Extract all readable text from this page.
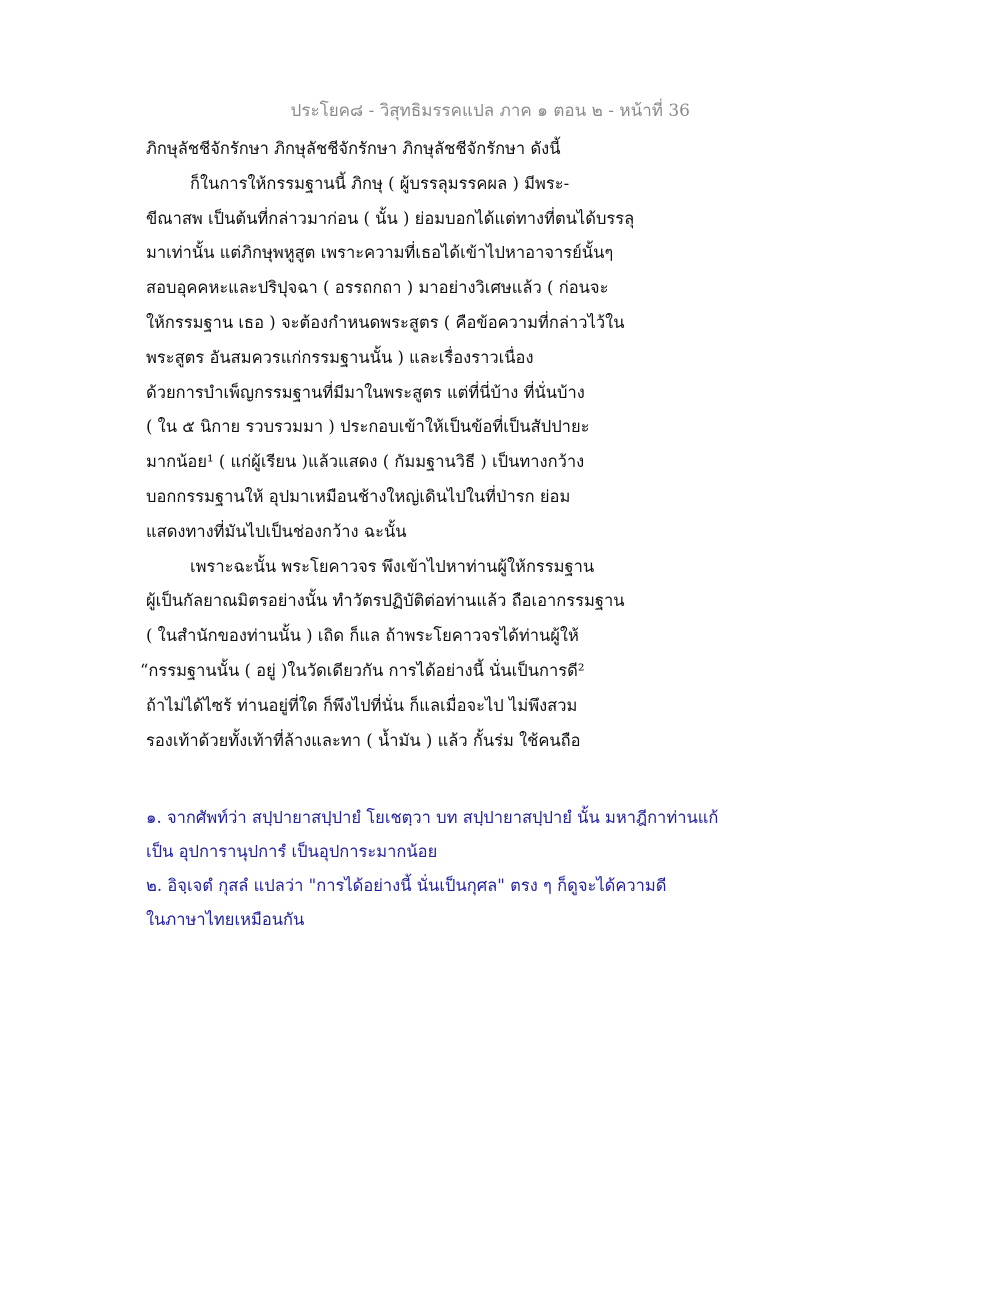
ประโยค๘ - วิสุทธิมรรคแปล ภาค ๑ ตอน ๒ - หน้าที่ 36
ภิกษุลัชชีจักรักษา ภิกษุลัชชีจักรักษา ภิกษุลัชชีจักรักษา ดังนี้
ก็ในการให้กรรมฐานนี้ ภิกษุ ( ผู้บรรลุมรรคผล ) มีพระ-
ขีณาสพ เป็นต้นที่กล่าวมาก่อน ( นั้น ) ย่อมบอกได้แต่ทางที่ตนได้บรรลุ
มาเท่านั้น แต่ภิกษุพหูสูต เพราะความที่เธอได้เข้าไปหาอาจารย์นั้นๆ
สอบอุคคหะและปริปุจฉา ( อรรถกถา ) มาอย่างวิเศษแล้ว ( ก่อนจะ
ให้กรรมฐาน เธอ ) จะต้องกำหนดพระสูตร ( คือข้อความที่กล่าวไว้ใน
พระสูตร อันสมควรแก่กรรมฐานนั้น ) และเรื่องราวเนื่อง
ด้วยการบำเพ็ญกรรมฐานที่มีมาในพระสูตร แต่ที่นี่บ้าง ที่นั่นบ้าง
( ใน ๕ นิกาย รวบรวมมา ) ประกอบเข้าให้เป็นข้อที่เป็นสัปปายะ
มากน้อย¹ ( แก่ผู้เรียน )แล้วแสดง ( กัมมฐานวิธี ) เป็นทางกว้าง
บอกกรรมฐานให้ อุปมาเหมือนช้างใหญ่เดินไปในที่ป่ารก ย่อม
แสดงทางที่มันไปเป็นช่องกว้าง ฉะนั้น
เพราะฉะนั้น พระโยคาวจร พึงเข้าไปหาท่านผู้ให้กรรมฐาน
ผู้เป็นกัลยาณมิตรอย่างนั้น ทำวัตรปฏิบัติต่อท่านแล้ว ถือเอากรรมฐาน
( ในสำนักของท่านนั้น ) เถิด ก็แล ถ้าพระโยคาวจรได้ท่านผู้ให้
“กรรมฐานนั้น ( อยู่ )ในวัดเดียวกัน การได้อย่างนี้ นั่นเป็นการดี²
ถ้าไม่ได้ไซร้ ท่านอยู่ที่ใด ก็พึงไปที่นั่น ก็แลเมื่อจะไป ไม่พึงสวม
รองเท้าด้วยทั้งเท้าที่ล้างและทา ( น้ำมัน ) แล้ว กั้นร่ม ใช้คนถือ
๑. จากศัพท์ว่า สปฺปายาสปฺปายํ โยเชตฺวา บท สปฺปายาสปฺปายํ นั้น มหาฎีกาท่านแก้
เป็น อุปการานุปการํ เป็นอุปการะมากน้อย
๒. อิจฺเจตํ กุสลํ แปลว่า "การได้อย่างนี้ นั่นเป็นกุศล" ตรง ๆ ก็ดูจะได้ความดี
ในภาษาไทยเหมือนกัน
